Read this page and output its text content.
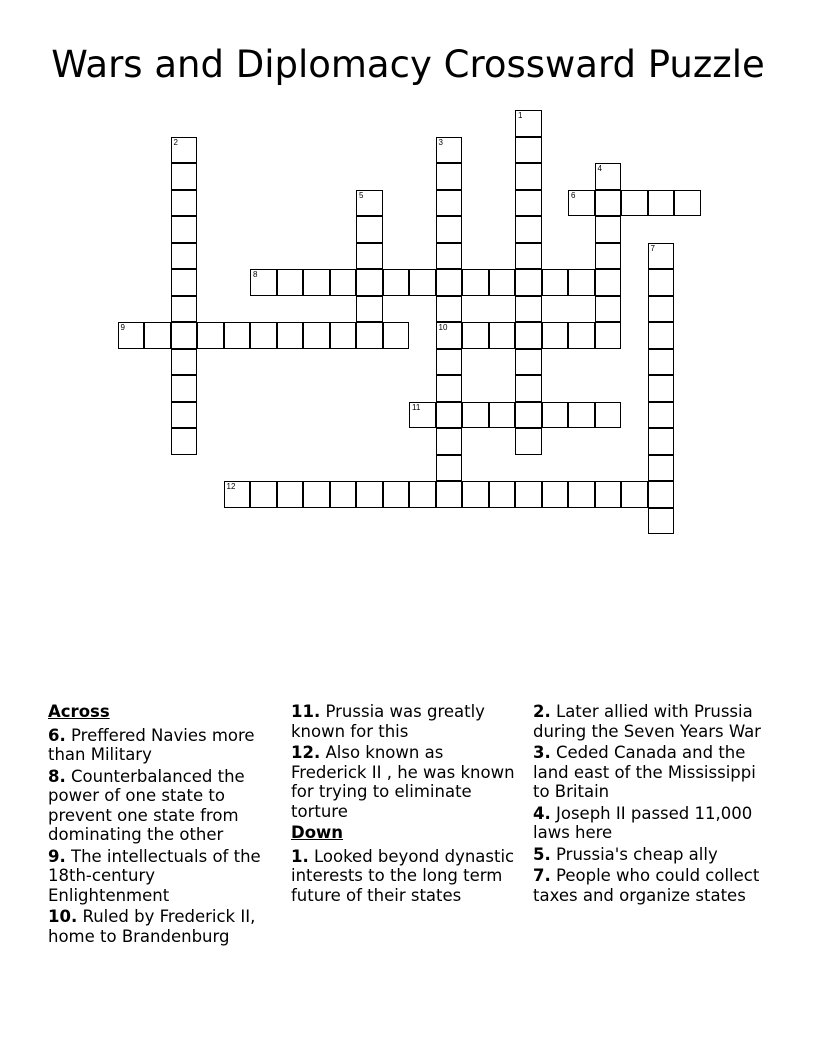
Wars and Diplomacy Crossward Puzzle
1
2	3
10
4
5	6
7
8
9
11
12
Across
6. Preffered Navies more than Military
8. Counterbalanced the power of one state to prevent one state from dominating the other
9. The intellectuals of the 18th-century Enlightenment
10. Ruled by Frederick II, home to Brandenburg
11. Prussia was greatly known for this
12. Also known as Frederick II , he was known for trying to eliminate torture
Down
1. Looked beyond dynastic interests to the long term future of their states
2. Later allied with Prussia during the Seven Years War
3. Ceded Canada and the land east of the Mississippi to Britain
4. Joseph II passed 11,000 laws here
5. Prussia's cheap ally
7. People who could collect taxes and organize states
